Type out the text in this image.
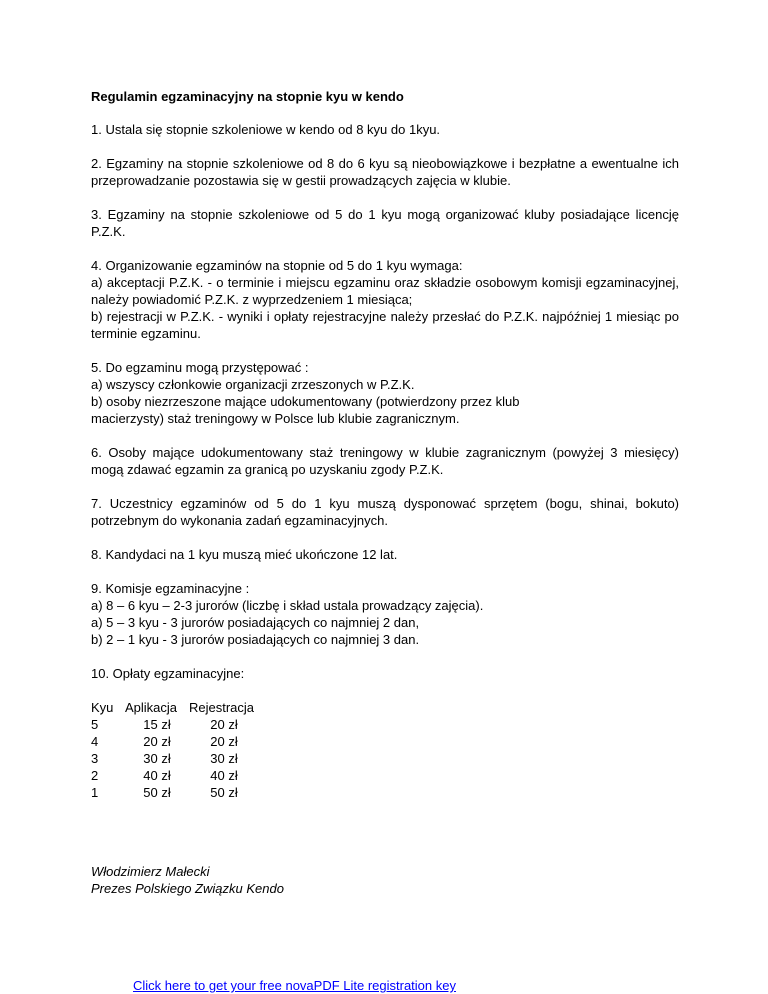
Regulamin egzaminacyjny na stopnie kyu w kendo
1. Ustala się stopnie szkoleniowe w kendo od 8 kyu do 1kyu.
2. Egzaminy na stopnie szkoleniowe od 8 do 6 kyu są nieobowiązkowe i bezpłatne a ewentualne ich przeprowadzanie pozostawia się w gestii prowadzących zajęcia w klubie.
3. Egzaminy na stopnie szkoleniowe od 5 do 1 kyu mogą organizować kluby posiadające licencję P.Z.K.
4. Organizowanie egzaminów na stopnie od 5 do 1 kyu wymaga:
a) akceptacji P.Z.K. - o terminie i miejscu egzaminu oraz składzie osobowym komisji egzaminacyjnej, należy powiadomić P.Z.K. z wyprzedzeniem 1 miesiąca;
b) rejestracji w P.Z.K. - wyniki i opłaty rejestracyjne należy przesłać do P.Z.K. najpóźniej 1 miesiąc po terminie egzaminu.
5. Do egzaminu mogą przystępować :
a) wszyscy członkowie organizacji zrzeszonych w P.Z.K.
b) osoby niezrzeszone mające udokumentowany (potwierdzony przez klub
macierzysty) staż treningowy w Polsce lub klubie zagranicznym.
6. Osoby mające udokumentowany staż treningowy w klubie zagranicznym (powyżej 3 miesięcy) mogą zdawać egzamin za granicą po uzyskaniu zgody P.Z.K.
7. Uczestnicy egzaminów od 5 do 1 kyu muszą dysponować sprzętem (bogu, shinai, bokuto) potrzebnym do wykonania zadań egzaminacyjnych.
8. Kandydaci na 1 kyu muszą mieć ukończone 12 lat.
9. Komisje egzaminacyjne :
a) 8 – 6 kyu – 2-3 jurorów (liczbę i skład ustala prowadzący zajęcia).
a) 5 – 3 kyu - 3 jurorów posiadających co najmniej 2 dan,
b) 2 – 1 kyu - 3 jurorów posiadających co najmniej 3 dan.
10. Opłaty egzaminacyjne:
Kyu	Aplikacja	Rejestracja
5	15 zł	20 zł
4	20 zł	20 zł
3	30 zł	30 zł
2	40 zł	40 zł
1	50 zł	50 zł
Włodzimierz Małecki
Prezes Polskiego Związku Kendo
Click here to get your free novaPDF Lite registration key
